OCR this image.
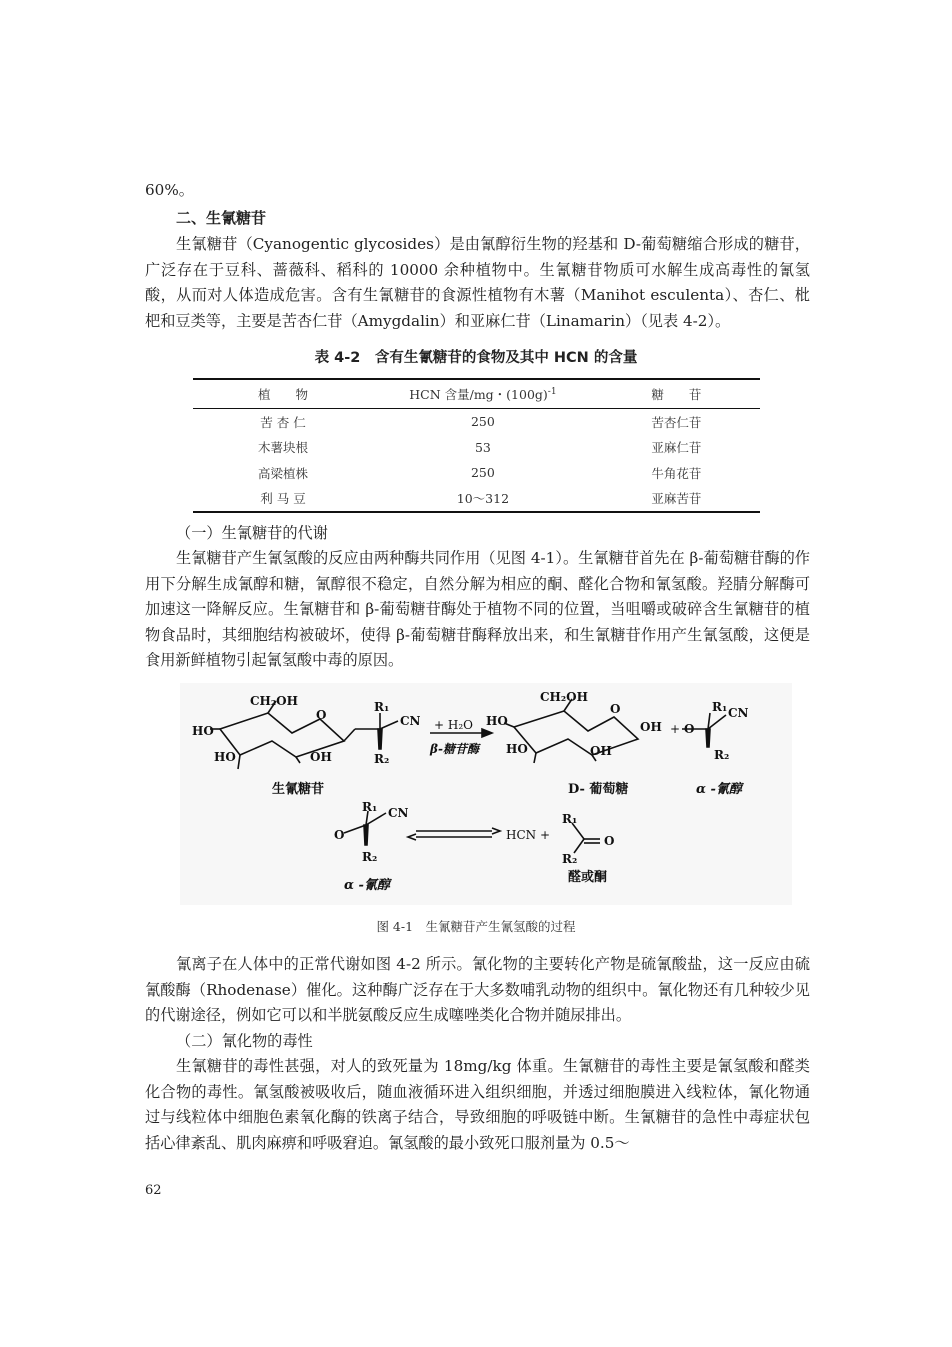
60%。

二、生氰糖苷

生氰糖苷（Cyanogentic glycosides）是由氰醇衍生物的羟基和 D-葡萄糖缩合形成的糖苷，广泛存在于豆科、蔷薇科、稻科的 10000 余种植物中。生氰糖苷物质可水解生成高毒性的氰氢酸，从而对人体造成危害。含有生氰糖苷的食源性植物有木薯（Manihot esculenta）、杏仁、枇杷和豆类等，主要是苦杏仁苷（Amygdalin）和亚麻仁苷（Linamarin）（见表 4-2）。

表 4-2　含有生氰糖苷的食物及其中 HCN 的含量
植　　物	HCN 含量/mg・$(100g)^{-1}$	糖　　苷
苦 杏 仁	250	苦杏仁苷
木薯块根	53	亚麻仁苷
高梁植株	250	牛角花苷
利 马 豆	10～312	亚麻苦苷

（一）生氰糖苷的代谢

生氰糖苷产生氰氢酸的反应由两种酶共同作用（见图 4-1）。生氰糖苷首先在 β-葡萄糖苷酶的作用下分解生成氰醇和糖，氰醇很不稳定，自然分解为相应的酮、醛化合物和氰氢酸。羟腈分解酶可加速这一降解反应。生氰糖苷和 β-葡萄糖苷酶处于植物不同的位置，当咀嚼或破碎含生氰糖苷的植物食品时，其细胞结构被破坏，使得 β-葡萄糖苷酶释放出来，和生氰糖苷作用产生氰氢酸，这便是食用新鲜植物引起氰氢酸中毒的原因。

CH₂OH
HO
HO	OH
O
R₁
CN
R₂
+ H₂O
β-糖苷酶
CH₂OH
HO
HO	OH
OH
O
+ O
R₁ CN
R₂
生氰糖苷	D- 葡萄糖	α -氰醇
O
R₁ CN
R₂
HCN +
R₁
R₂
O
α -氰醇
醛或酮
图 4-1　生氰糖苷产生氰氢酸的过程

氰离子在人体中的正常代谢如图 4-2 所示。氰化物的主要转化产物是硫氰酸盐，这一反应由硫氰酸酶（Rhodenase）催化。这种酶广泛存在于大多数哺乳动物的组织中。氰化物还有几种较少见的代谢途径，例如它可以和半胱氨酸反应生成噻唑类化合物并随尿排出。

（二）氰化物的毒性

生氰糖苷的毒性甚强，对人的致死量为 18mg/kg 体重。生氰糖苷的毒性主要是氰氢酸和醛类化合物的毒性。氰氢酸被吸收后，随血液循环进入组织细胞，并透过细胞膜进入线粒体，氰化物通过与线粒体中细胞色素氧化酶的铁离子结合，导致细胞的呼吸链中断。生氰糖苷的急性中毒症状包括心律紊乱、肌肉麻痹和呼吸窘迫。氰氢酸的最小致死口服剂量为 0.5～

62
